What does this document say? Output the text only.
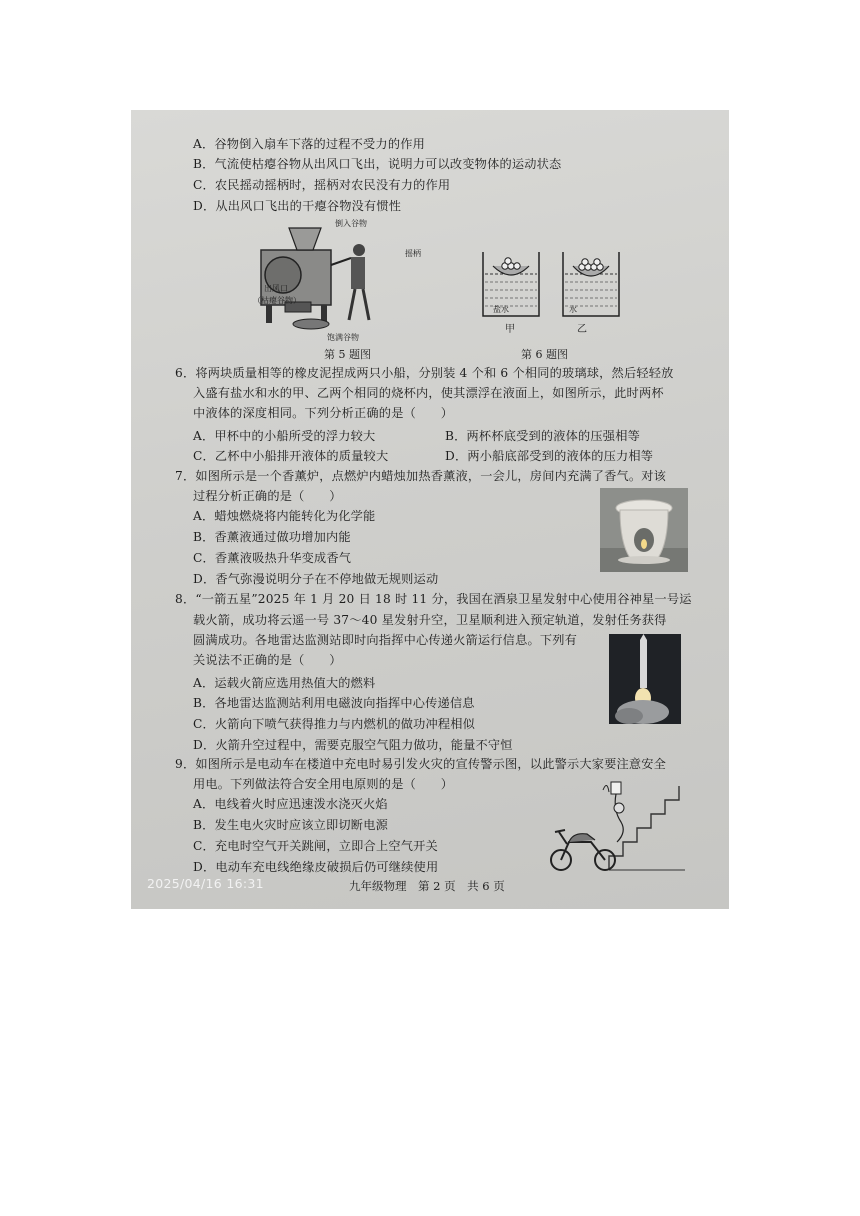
A．谷物倒入扇车下落的过程不受力的作用
B．气流使枯瘪谷物从出风口飞出，说明力可以改变物体的运动状态
C．农民摇动摇柄时，摇柄对农民没有力的作用
D．从出风口飞出的干瘪谷物没有惯性
倒入谷物
摇柄
出风口
（枯瘪谷物）
饱满谷物
第 5 题图
盐水	水
甲	乙
第 6 题图
6．将两块质量相等的橡皮泥捏成两只小船，分别装 4 个和 6 个相同的玻璃球，然后轻轻放
入盛有盐水和水的甲、乙两个相同的烧杯内，使其漂浮在液面上，如图所示，此时两杯
中液体的深度相同。下列分析正确的是（　　）
A．甲杯中的小船所受的浮力较大	B．两杯杯底受到的液体的压强相等
C．乙杯中小船排开液体的质量较大	D．两小船底部受到的液体的压力相等
7．如图所示是一个香薰炉，点燃炉内蜡烛加热香薰液，一会儿，房间内充满了香气。对该
过程分析正确的是（　　）
A．蜡烛燃烧将内能转化为化学能
B．香薰液通过做功增加内能
C．香薰液吸热升华变成香气
D．香气弥漫说明分子在不停地做无规则运动
8．“一箭五星”2025 年 1 月 20 日 18 时 11 分，我国在酒泉卫星发射中心使用谷神星一号运
载火箭，成功将云遥一号 37～40 星发射升空，卫星顺利进入预定轨道，发射任务获得
圆满成功。各地雷达监测站即时向指挥中心传递火箭运行信息。下列有
关说法不正确的是（　　）
A．运载火箭应选用热值大的燃料
B．各地雷达监测站利用电磁波向指挥中心传递信息
C．火箭向下喷气获得推力与内燃机的做功冲程相似
D．火箭升空过程中，需要克服空气阻力做功，能量不守恒
9．如图所示是电动车在楼道中充电时易引发火灾的宣传警示图，以此警示大家要注意安全
用电。下列做法符合安全用电原则的是（　　）
A．电线着火时应迅速泼水浇灭火焰
B．发生电火灾时应该立即切断电源
C．充电时空气开关跳闸，立即合上空气开关
D．电动车充电线绝缘皮破损后仍可继续使用
2025/04/16 16:31	九年级物理　第 2 页　共 6 页
